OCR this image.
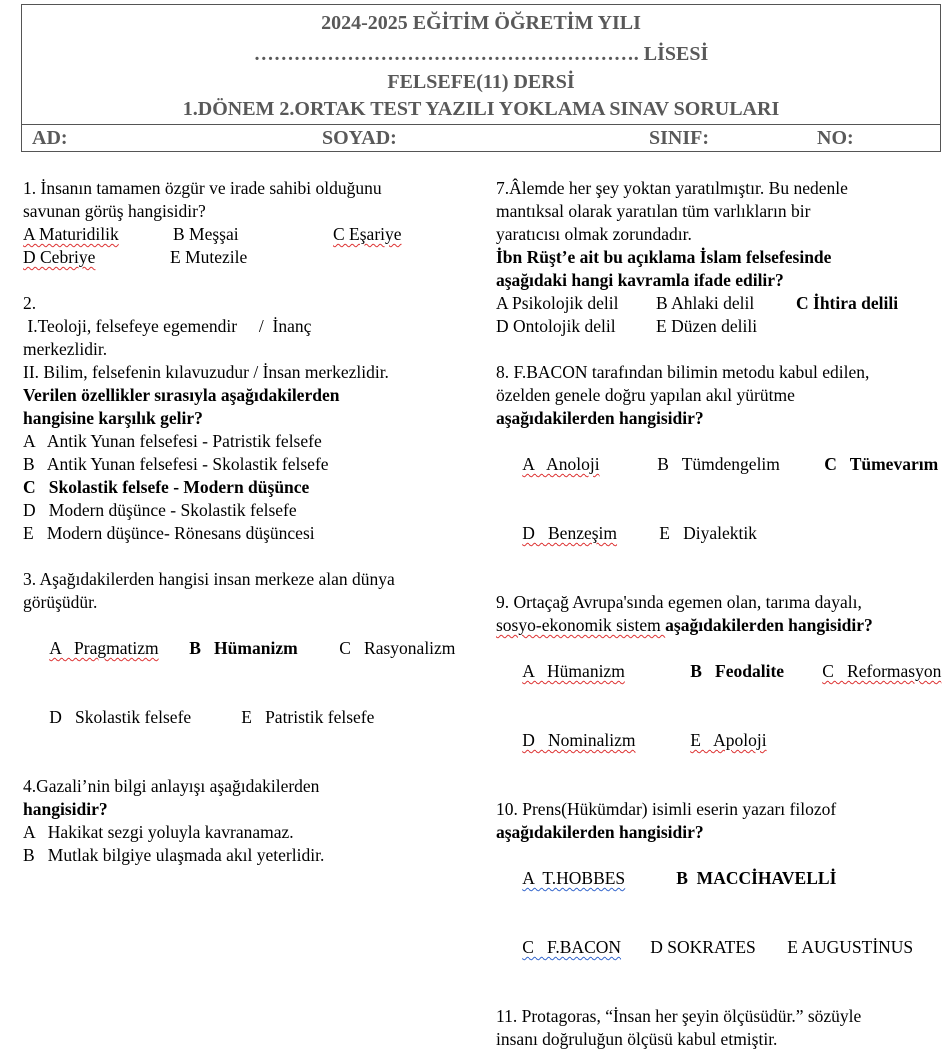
2024-2025 EĞİTİM ÖĞRETİM YILI
…………………………………………………. LİSESİ
FELSEFE(11) DERSİ
1.DÖNEM 2.ORTAK TEST YAZILI YOKLAMA SINAV SORULARI
AD:	SOYAD:	SINIF:	NO:

1. İnsanın tamamen özgür ve irade sahibi olduğunu

savunan görüş hangisidir?

A Maturidilik	B Meşşai	C Eşariye

D Cebriye	E Mutezile

2.

I.Teoloji, felsefeye egemendir     /  İnanç

merkezlidir.

II. Bilim, felsefenin kılavuzudur / İnsan merkezlidir.

Verilen özellikler sırasıyla aşağıdakilerden

hangisine karşılık gelir?

A   Antik Yunan felsefesi - Patristik felsefe

B   Antik Yunan felsefesi - Skolastik felsefe

C   Skolastik felsefe - Modern düşünce

D   Modern düşünce - Skolastik felsefe

E   Modern düşünce- Rönesans düşüncesi

3. Aşağıdakilerden hangisi insan merkeze alan dünya

görüşüdür.

A   Pragmatizm B   Hümanizm C   Rasyonalizm

D   Skolastik felsefe	E   Patristik felsefe

4.Gazali’nin bilgi anlayışı aşağıdakilerden

hangisidir?

A   Hakikat sezgi yoluyla kavranamaz.

B   Mutlak bilgiye ulaşmada akıl yeterlidir.

7.Âlemde her şey yoktan yaratılmıştır. Bu nedenle

mantıksal olarak yaratılan tüm varlıkların bir

yaratıcısı olmak zorundadır.

İbn Rüşt’e ait bu açıklama İslam felsefesinde

aşağıdaki hangi kavramla ifade edilir?

A Psikolojik delil B Ahlaki delil C İhtira delili

D Ontolojik delil E Düzen delili

8. F.BACON tarafından bilimin metodu kabul edilen,

özelden genele doğru yapılan akıl yürütme

aşağıdakilerden hangisidir?

A   Anoloji	B   Tümdengelim	C   Tümevarım

D   Benzeşim E   Diyalektik

9. Ortaçağ Avrupa'sında egemen olan, tarıma dayalı,

sosyo-ekonomik sistem aşağıdakilerden hangisidir?

A   Hümanizm	B   Feodalite C   Reformasyon

D   Nominalizm	E   Apoloji

10. Prens(Hükümdar) isimli eserin yazarı filozof

aşağıdakilerden hangisidir?

A  T.HOBBES	B  MACCİHAVELLİ

C   F.BACON D SOKRATES E AUGUSTİNUS

11. Protagoras, “İnsan her şeyin ölçüsüdür.” sözüyle

insanı doğruluğun ölçüsü kabul etmiştir.
